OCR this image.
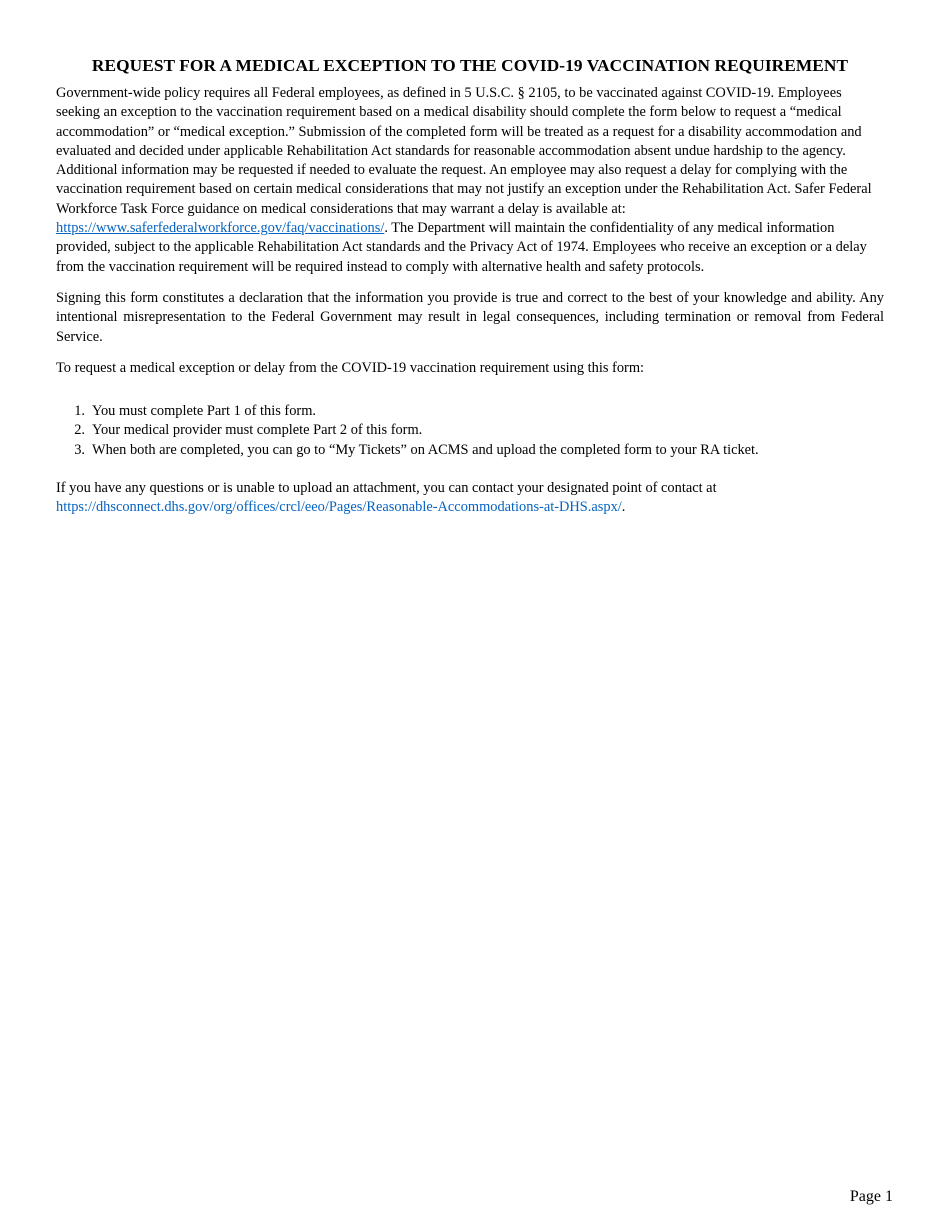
REQUEST FOR A MEDICAL EXCEPTION TO THE COVID-19 VACCINATION REQUIREMENT

Government-wide policy requires all Federal employees, as defined in 5 U.S.C. § 2105, to be vaccinated against COVID-19. Employees seeking an exception to the vaccination requirement based on a medical disability should complete the form below to request a “medical accommodation” or “medical exception.” Submission of the completed form will be treated as a request for a disability accommodation and evaluated and decided under applicable Rehabilitation Act standards for reasonable accommodation absent undue hardship to the agency. Additional information may be requested if needed to evaluate the request. An employee may also request a delay for complying with the vaccination requirement based on certain medical considerations that may not justify an exception under the Rehabilitation Act. Safer Federal Workforce Task Force guidance on medical considerations that may warrant a delay is available at: https://www.saferfederalworkforce.gov/faq/vaccinations/. The Department will maintain the confidentiality of any medical information provided, subject to the applicable Rehabilitation Act standards and the Privacy Act of 1974. Employees who receive an exception or a delay from the vaccination requirement will be required instead to comply with alternative health and safety protocols.

Signing this form constitutes a declaration that the information you provide is true and correct to the best of your knowledge and ability. Any intentional misrepresentation to the Federal Government may result in legal consequences, including termination or removal from Federal Service.

To request a medical exception or delay from the COVID-19 vaccination requirement using this form:

1. You must complete Part 1 of this form.
2. Your medical provider must complete Part 2 of this form.
3. When both are completed, you can go to “My Tickets” on ACMS and upload the completed form to your RA ticket.

If you have any questions or is unable to upload an attachment, you can contact your designated point of contact at
https://dhsconnect.dhs.gov/org/offices/crcl/eeo/Pages/Reasonable-Accommodations-at-DHS.aspx/.

Page 1
